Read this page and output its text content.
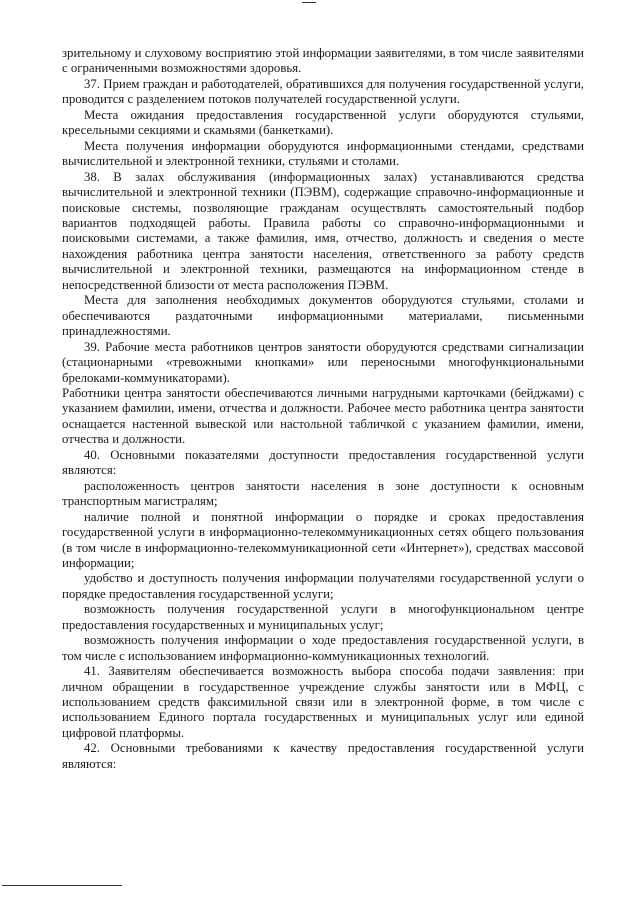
зрительному и слуховому восприятию этой информации заявителями, в том числе заявителями с ограниченными возможностями здоровья.

37. Прием граждан и работодателей, обратившихся для получения государственной услуги, проводится с разделением потоков получателей государственной услуги.

Места ожидания предоставления государственной услуги оборудуются стульями, кресельными секциями и скамьями (банкетками).

Места получения информации оборудуются информационными стендами, средствами вычислительной и электронной техники, стульями и столами.

38. В залах обслуживания (информационных залах) устанавливаются средства вычислительной и электронной техники (ПЭВМ), содержащие справочно-информационные и поисковые системы, позволяющие гражданам осуществлять самостоятельный подбор вариантов подходящей работы. Правила работы со справочно-информационными и поисковыми системами, а также фамилия, имя, отчество, должность и сведения о месте нахождения работника центра занятости населения, ответственного за работу средств вычислительной и электронной техники, размещаются на информационном стенде в непосредственной близости от места расположения ПЭВМ.

Места для заполнения необходимых документов оборудуются стульями, столами и обеспечиваются раздаточными информационными материалами, письменными принадлежностями.

39. Рабочие места работников центров занятости оборудуются средствами сигнализации (стационарными «тревожными кнопками» или переносными многофункциональными брелоками-коммуникаторами).

Работники центра занятости обеспечиваются личными нагрудными карточками (бейджами) с указанием фамилии, имени, отчества и должности. Рабочее место работника центра занятости оснащается настенной вывеской или настольной табличкой с указанием фамилии, имени, отчества и должности.

40. Основными показателями доступности предоставления государственной услуги являются:

расположенность центров занятости населения в зоне доступности к основным транспортным магистралям;

наличие полной и понятной информации о порядке и сроках предоставления государственной услуги в информационно-телекоммуникационных сетях общего пользования (в том числе в информационно-телекоммуникационной сети «Интернет»), средствах массовой информации;

удобство и доступность получения информации получателями государственной услуги о порядке предоставления государственной услуги;

возможность получения государственной услуги в многофункциональном центре предоставления государственных и муниципальных услуг;

возможность получения информации о ходе предоставления государственной услуги, в том числе с использованием информационно-коммуникационных технологий.

41. Заявителям обеспечивается возможность выбора способа подачи заявления: при личном обращении в государственное учреждение службы занятости или в МФЦ, с использованием средств факсимильной связи или в электронной форме, в том числе с использованием Единого портала государственных и муниципальных услуг или единой цифровой платформы.

42. Основными требованиями к качеству предоставления государственной услуги являются:
